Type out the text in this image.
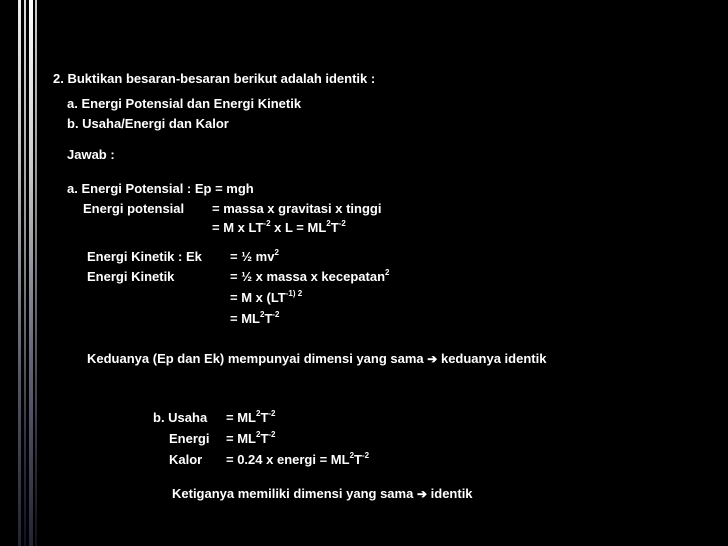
2. Buktikan besaran-besaran berikut adalah identik :
a. Energi Potensial dan Energi Kinetik
b. Usaha/Energi dan Kalor
Jawab :
a. Energi Potensial : Ep = mgh
Energi potensial = massa x gravitasi x tinggi
= M x $LT^{-2}$ x $L = ML^2T^{-2}$
Energi Kinetik : Ek = ½ $mv^2$
Energi Kinetik	= ½ x massa x kecepatan$^2$
= M x ($LT^{-1) 2}$
= $ML^2T^{-2}$
Keduanya (Ep dan Ek) mempunyai dimensi yang sama ➔ keduanya identik
b. Usaha = $ML^2T^{-2}$
Energi = $ML^2T^{-2}$
Kalor = 0.24 x energi = $ML^2T^{-2}$
Ketiganya memiliki dimensi yang sama ➔ identik
